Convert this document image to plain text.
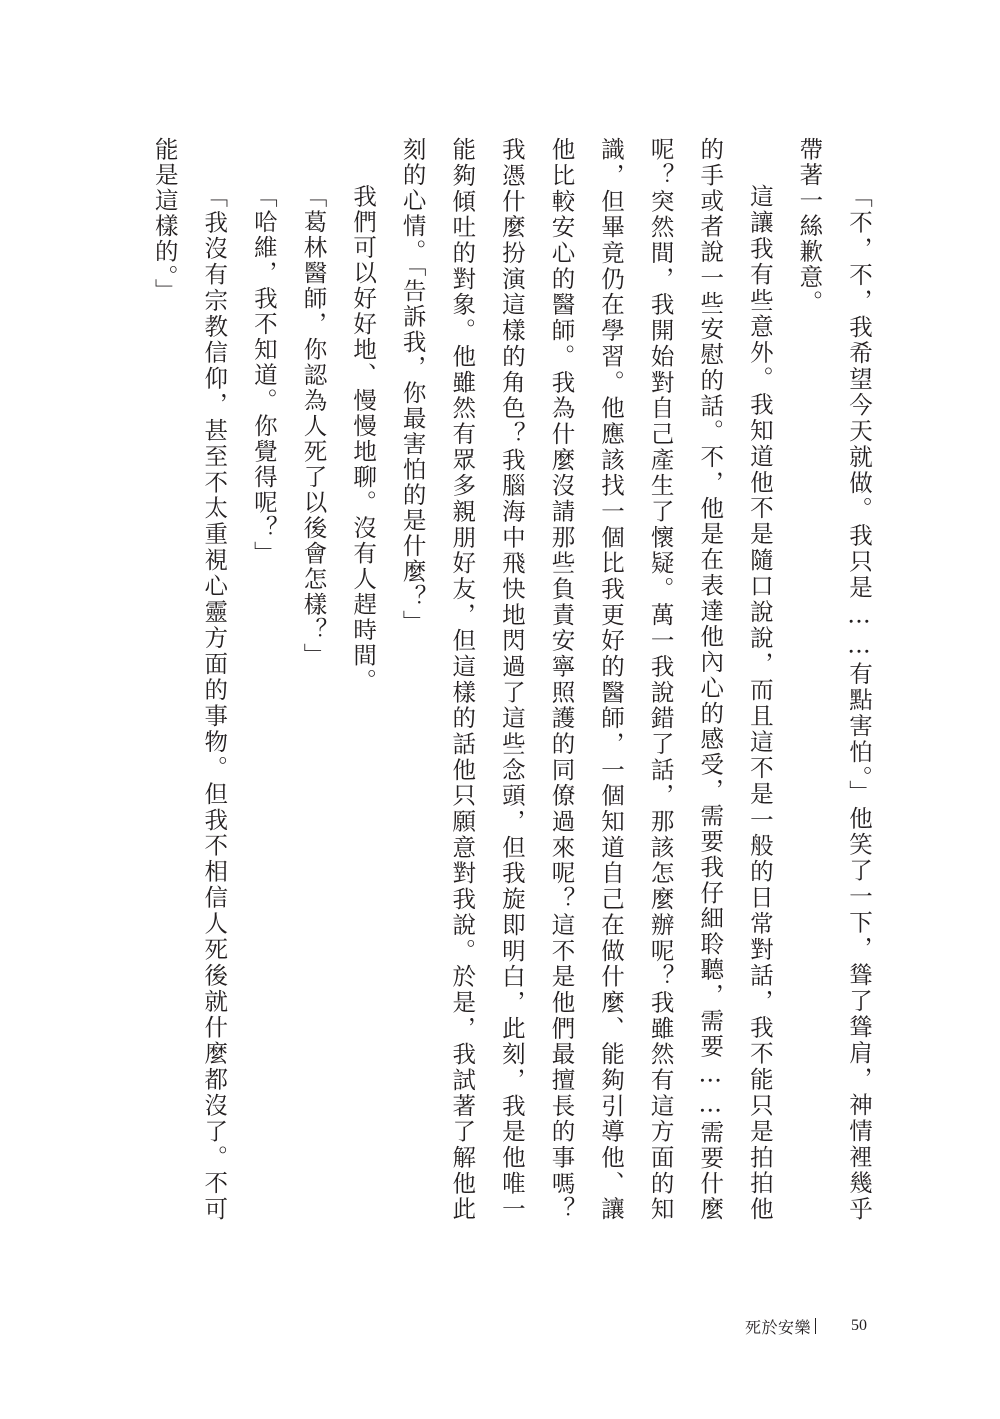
「不，不，我希望今天就做。我只是……有點害怕。」他笑了一下，聳了聳肩，神情裡幾乎帶著一絲歉意。

這讓我有些意外。我知道他不是隨口說說，而且這不是一般的日常對話，我不能只是拍拍他的手或者說一些安慰的話。不，他是在表達他內心的感受，需要我仔細聆聽，需要……需要什麼呢？突然間，我開始對自己產生了懷疑。萬一我說錯了話，那該怎麼辦呢？我雖然有這方面的知識，但畢竟仍在學習。他應該找一個比我更好的醫師，一個知道自己在做什麼、能夠引導他、讓他比較安心的醫師。我為什麼沒請那些負責安寧照護的同僚過來呢？這不是他們最擅長的事嗎？我憑什麼扮演這樣的角色？我腦海中飛快地閃過了這些念頭，但我旋即明白，此刻，我是他唯一能夠傾吐的對象。他雖然有眾多親朋好友，但這樣的話他只願意對我說。於是，我試著了解他此刻的心情。「告訴我，你最害怕的是什麼？」

我們可以好好地、慢慢地聊。沒有人趕時間。

「葛林醫師，你認為人死了以後會怎樣？」

「哈維，我不知道。你覺得呢？」

「我沒有宗教信仰，甚至不太重視心靈方面的事物。但我不相信人死後就什麼都沒了。不可能是這樣的。」

死於安樂 50
